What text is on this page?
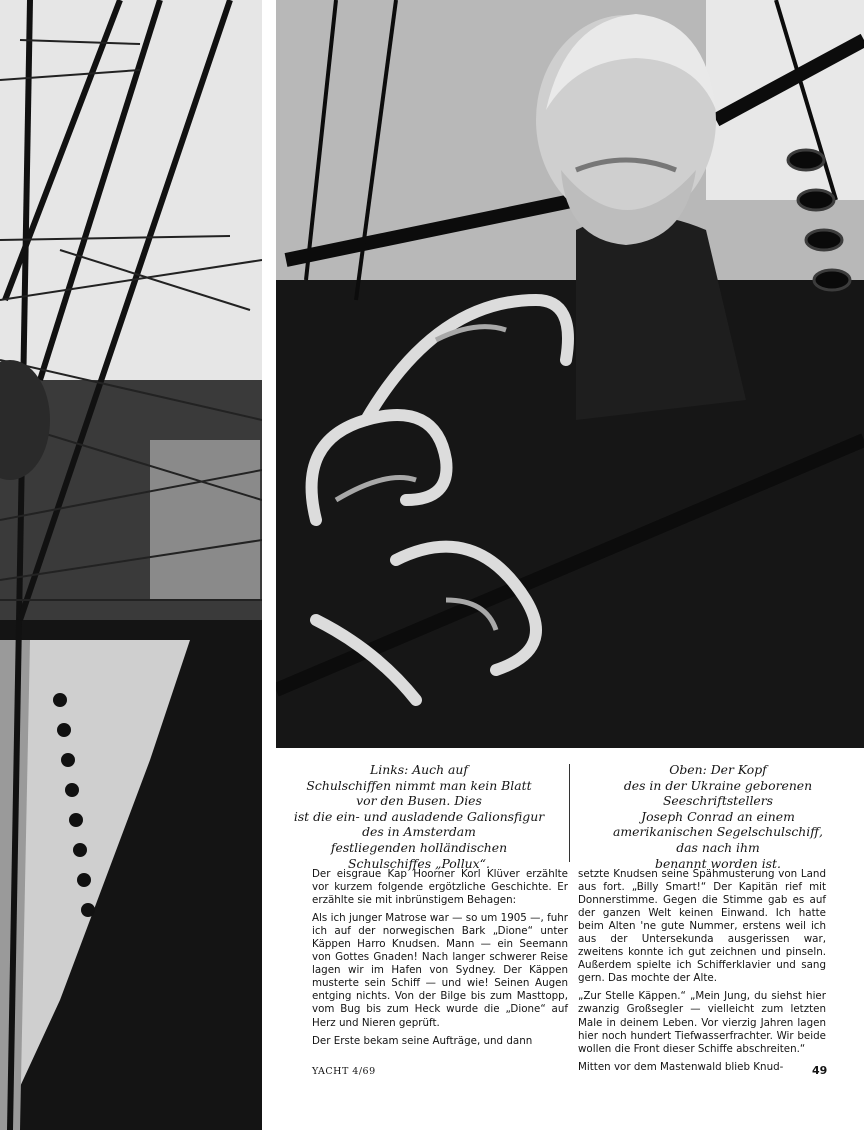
Links: Auch auf
Schulschiffen nimmt man kein Blatt
vor den Busen. Dies
ist die ein- und ausladende Galionsfigur
des in Amsterdam
festliegenden holländischen
Schulschiffes „Pollux“.
Oben: Der Kopf
des in der Ukraine geborenen
Seeschriftstellers
Joseph Conrad an einem
amerikanischen Segelschulschiff,
das nach ihm
benannt worden ist.

Der eisgraue Kap Hoorner Korl Klüver erzählte vor kurzem folgende ergötzliche Geschichte. Er erzählte sie mit inbrünstigem Behagen:

Als ich junger Matrose war — so um 1905 —, fuhr ich auf der norwegischen Bark „Dione“ unter Käppen Harro Knudsen. Mann — ein Seemann von Gottes Gnaden! Nach langer schwerer Reise lagen wir im Hafen von Sydney. Der Käppen musterte sein Schiff — und wie! Seinen Augen entging nichts. Von der Bilge bis zum Masttopp, vom Bug bis zum Heck wurde die „Dione“ auf Herz und Nieren geprüft.

Der Erste bekam seine Aufträge, und dann

setzte Knudsen seine Spähmusterung von Land aus fort. „Billy Smart!“ Der Kapitän rief mit Donnerstimme. Gegen die Stimme gab es auf der ganzen Welt keinen Einwand. Ich hatte beim Alten 'ne gute Nummer, erstens weil ich aus der Untersekunda ausgerissen war, zweitens konnte ich gut zeichnen und pinseln. Außerdem spielte ich Schifferklavier und sang gern. Das mochte der Alte.

„Zur Stelle Käppen.“ „Mein Jung, du siehst hier zwanzig Großsegler — vielleicht zum letzten Male in deinem Leben. Vor vierzig Jahren lagen hier noch hundert Tiefwasserfrachter. Wir beide wollen die Front dieser Schiffe abschreiten.“

Mitten vor dem Mastenwald blieb Knud-

YACHT 4/69	49
